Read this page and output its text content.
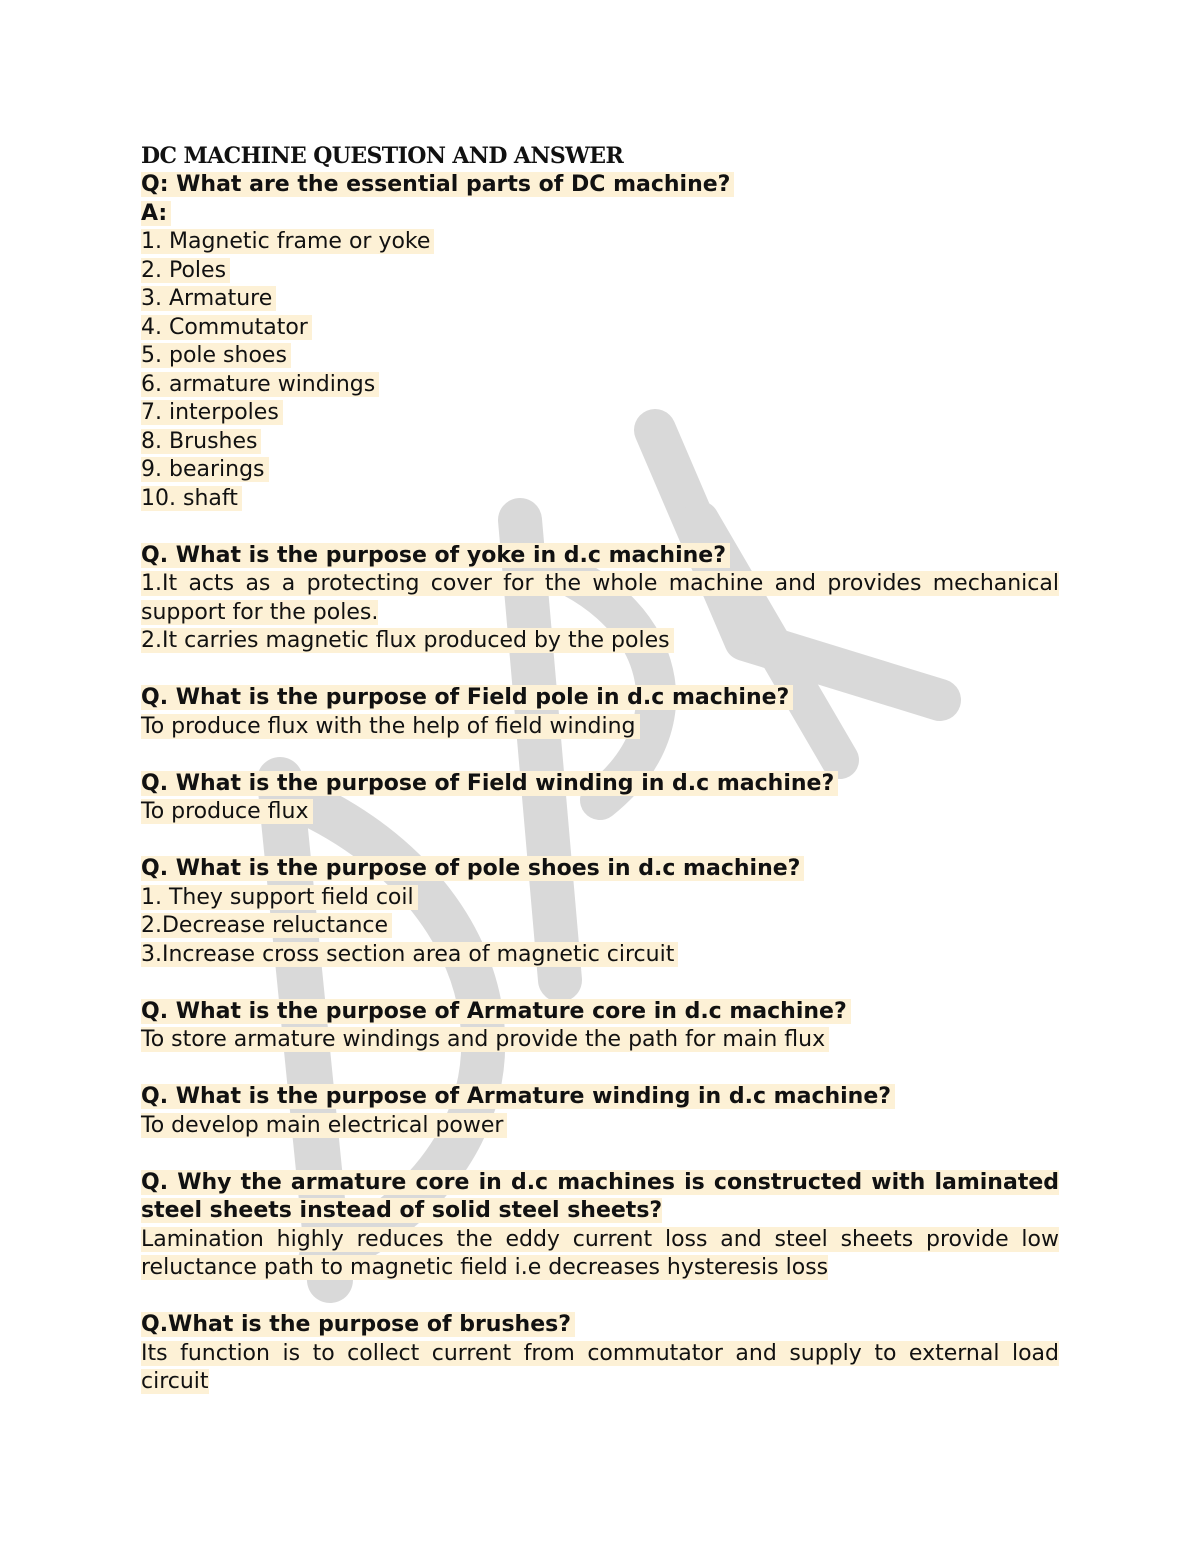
DC MACHINE QUESTION AND ANSWER
Q: What are the essential parts of DC machine?
A:
1. Magnetic frame or yoke
2. Poles
3. Armature
4. Commutator
5. pole shoes
6. armature windings
7. interpoles
8. Brushes
9. bearings
10. shaft
Q. What is the purpose of yoke in d.c machine?
1.It acts as a protecting cover for the whole machine and provides mechanical support for the poles.
2.It carries magnetic flux produced by the poles
Q. What is the purpose of Field pole in d.c machine?
To produce flux with the help of field winding
Q. What is the purpose of Field winding in d.c machine?
To produce flux
Q. What is the purpose of pole shoes in d.c machine?
1. They support field coil
2.Decrease reluctance
3.Increase cross section area of magnetic circuit
Q. What is the purpose of Armature core in d.c machine?
To store armature windings and provide the path for main flux
Q. What is the purpose of Armature winding in d.c machine?
To develop main electrical power
Q. Why the armature core in d.c machines is constructed with laminated steel sheets instead of solid steel sheets?
Lamination highly reduces the eddy current loss and steel sheets provide low reluctance path to magnetic field i.e decreases hysteresis loss
Q.What is the purpose of brushes?
Its function is to collect current from commutator and supply to external load circuit
